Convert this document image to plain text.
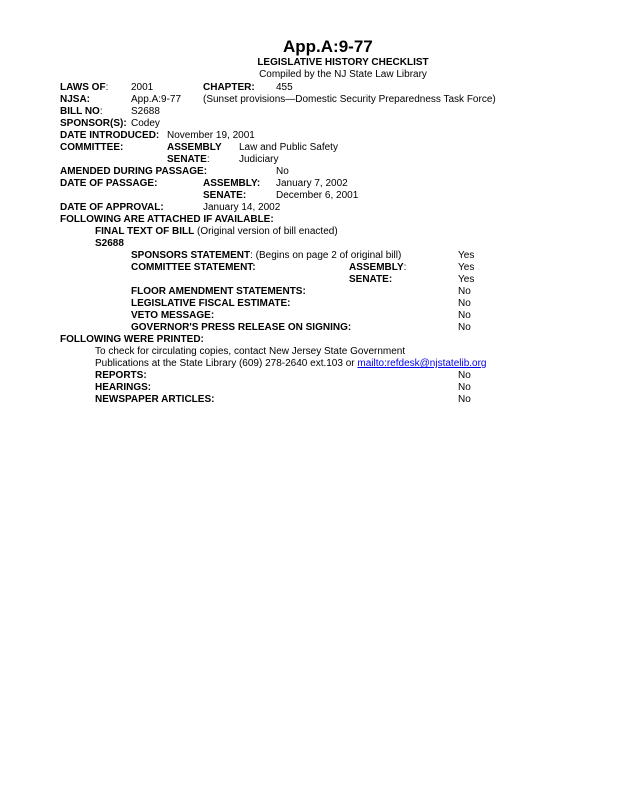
App.A:9-77
LEGISLATIVE HISTORY CHECKLIST
Compiled by the NJ State Law Library
LAWS OF: 2001	CHAPTER: 455
NJSA:	App.A:9-77 (Sunset provisions—Domestic Security Preparedness Task Force)
BILL NO:	S2688
SPONSOR(S): Codey
DATE INTRODUCED: November 19, 2001
COMMITTEE:	ASSEMBLY Law and Public Safety
SENATE:	Judiciary
AMENDED DURING PASSAGE:	No
DATE OF PASSAGE:	ASSEMBLY: January 7, 2002
SENATE:	December 6, 2001
DATE OF APPROVAL:	January 14, 2002
FOLLOWING ARE ATTACHED IF AVAILABLE:
FINAL TEXT OF BILL (Original version of bill enacted)
S2688
SPONSORS STATEMENT: (Begins on page 2 of original bill)	Yes
COMMITTEE STATEMENT:	ASSEMBLY:	Yes
SENATE:	Yes
FLOOR AMENDMENT STATEMENTS:	No
LEGISLATIVE FISCAL ESTIMATE:	No
VETO MESSAGE:	No
GOVERNOR'S PRESS RELEASE ON SIGNING:	No
FOLLOWING WERE PRINTED:
To check for circulating copies, contact New Jersey State Government
Publications at the State Library (609) 278-2640 ext.103 or mailto:refdesk@njstatelib.org
REPORTS:	No
HEARINGS:	No
NEWSPAPER ARTICLES:	No
